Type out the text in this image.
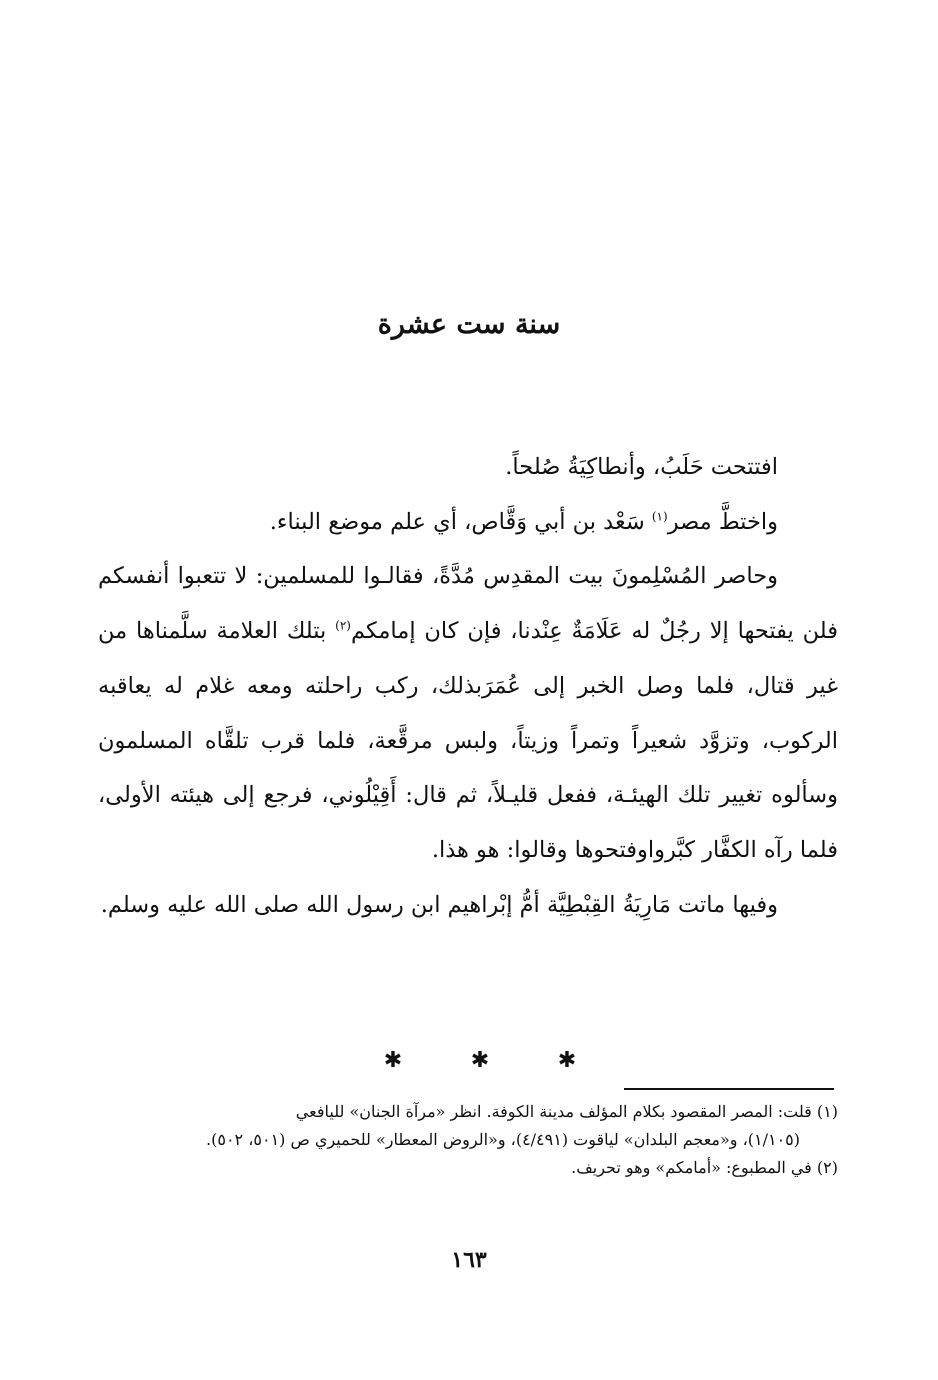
سنة ست عشرة

افتتحت حَلَبُ، وأنطاكِيَةُ صُلحاً.

واختطَّ مصر$^{(١)}$ سَعْد بن أبي وَقَّاص، أي علم موضع البناء.

وحاصر المُسْلِمونَ بيت المقدِس مُدَّةً، فقالـوا للمسلمين: لا تتعبوا أنفسكم فلن يفتحها إلا رجُلٌ له عَلَامَةٌ عِنْدنا، فإن كان إمامكم$^{(٢)}$ بتلك العلامة سلَّمناها من غير قتال، فلما وصل الخبر إلى عُمَرَبذلك، ركب راحلته ومعه غلام له يعاقبه الركوب، وتزوَّد شعيراً وتمراً وزيتاً، ولبس مرقَّعة، فلما قرب تلقَّاه المسلمون وسألوه تغيير تلك الهيئـة، ففعل قليـلاً، ثم قال: أَقِيْلُوني، فرجع إلى هيئته الأولى، فلما رآه الكفَّار كبَّرواوفتحوها وقالوا: هو هذا.

وفيها ماتت مَارِيَةُ القِبْطِيَّة أمُّ إبْراهيم ابن رسول الله صلى الله عليه وسلم.

✱	✱	✱

(١) قلت: المصر المقصود بكلام المؤلف مدينة الكوفة. انظر «مرآة الجنان» لليافعي

(١/١٠٥)، و«معجم البلدان» لياقوت (٤/٤٩١)، و«الروض المعطار» للحميري ص (٥٠١، ٥٠٢).

(٢) في المطبوع: «أمامكم» وهو تحريف.

١٦٣
